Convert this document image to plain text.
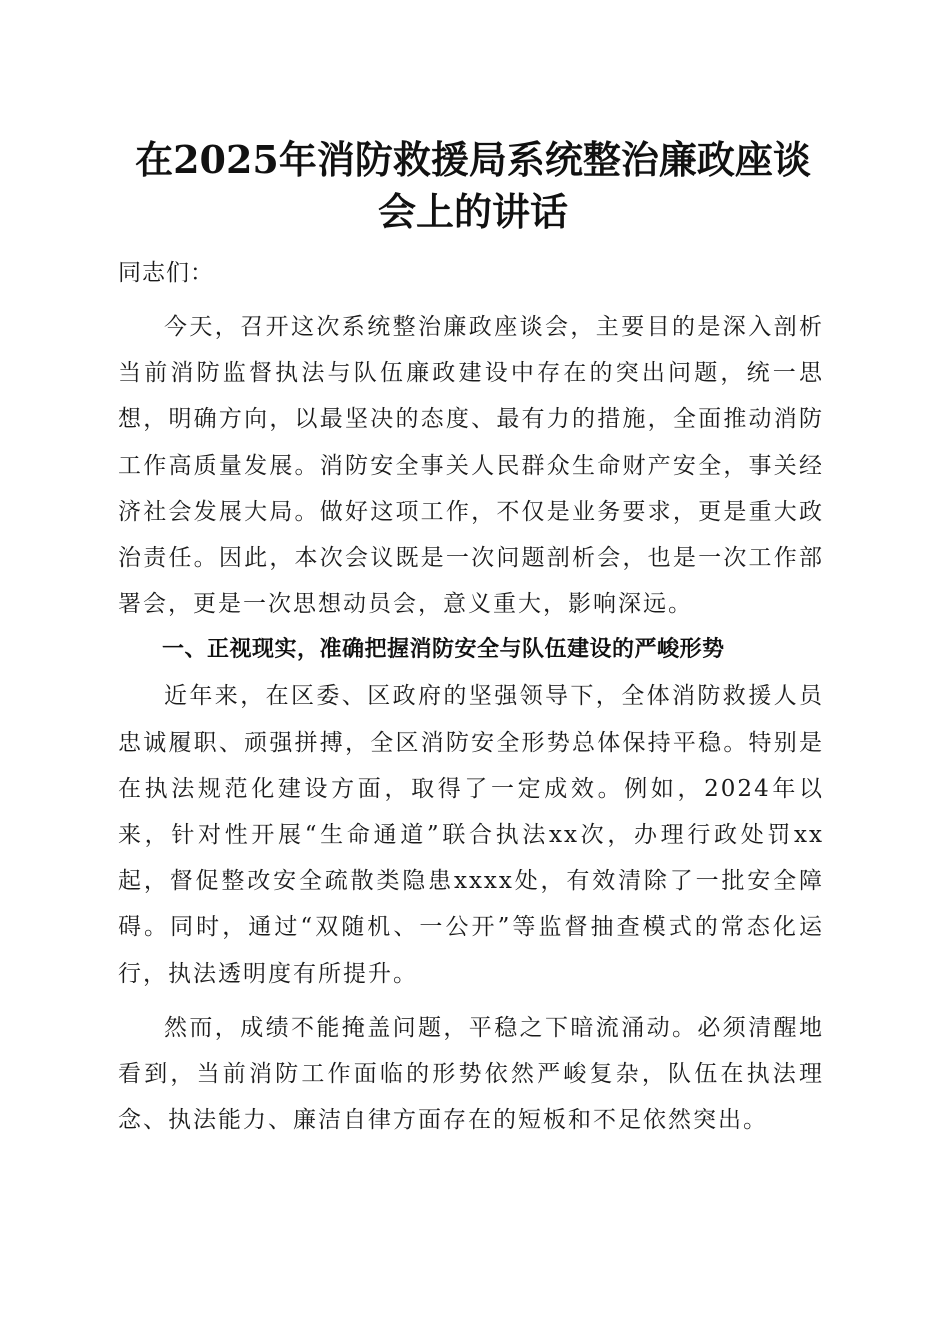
在2025年消防救援局系统整治廉政座谈会上的讲话

同志们：

今天，召开这次系统整治廉政座谈会，主要目的是深入剖析当前消防监督执法与队伍廉政建设中存在的突出问题，统一思想，明确方向，以最坚决的态度、最有力的措施，全面推动消防工作高质量发展。消防安全事关人民群众生命财产安全，事关经济社会发展大局。做好这项工作，不仅是业务要求，更是重大政治责任。因此，本次会议既是一次问题剖析会，也是一次工作部署会，更是一次思想动员会，意义重大，影响深远。

一、正视现实，准确把握消防安全与队伍建设的严峻形势

近年来，在区委、区政府的坚强领导下，全体消防救援人员忠诚履职、顽强拼搏，全区消防安全形势总体保持平稳。特别是在执法规范化建设方面，取得了一定成效。例如，2024年以来，针对性开展“生命通道”联合执法xx次，办理行政处罚xx起，督促整改安全疏散类隐患xxxx处，有效清除了一批安全障碍。同时，通过“双随机、一公开”等监督抽查模式的常态化运行，执法透明度有所提升。

然而，成绩不能掩盖问题，平稳之下暗流涌动。必须清醒地看到，当前消防工作面临的形势依然严峻复杂，队伍在执法理念、执法能力、廉洁自律方面存在的短板和不足依然突出。
